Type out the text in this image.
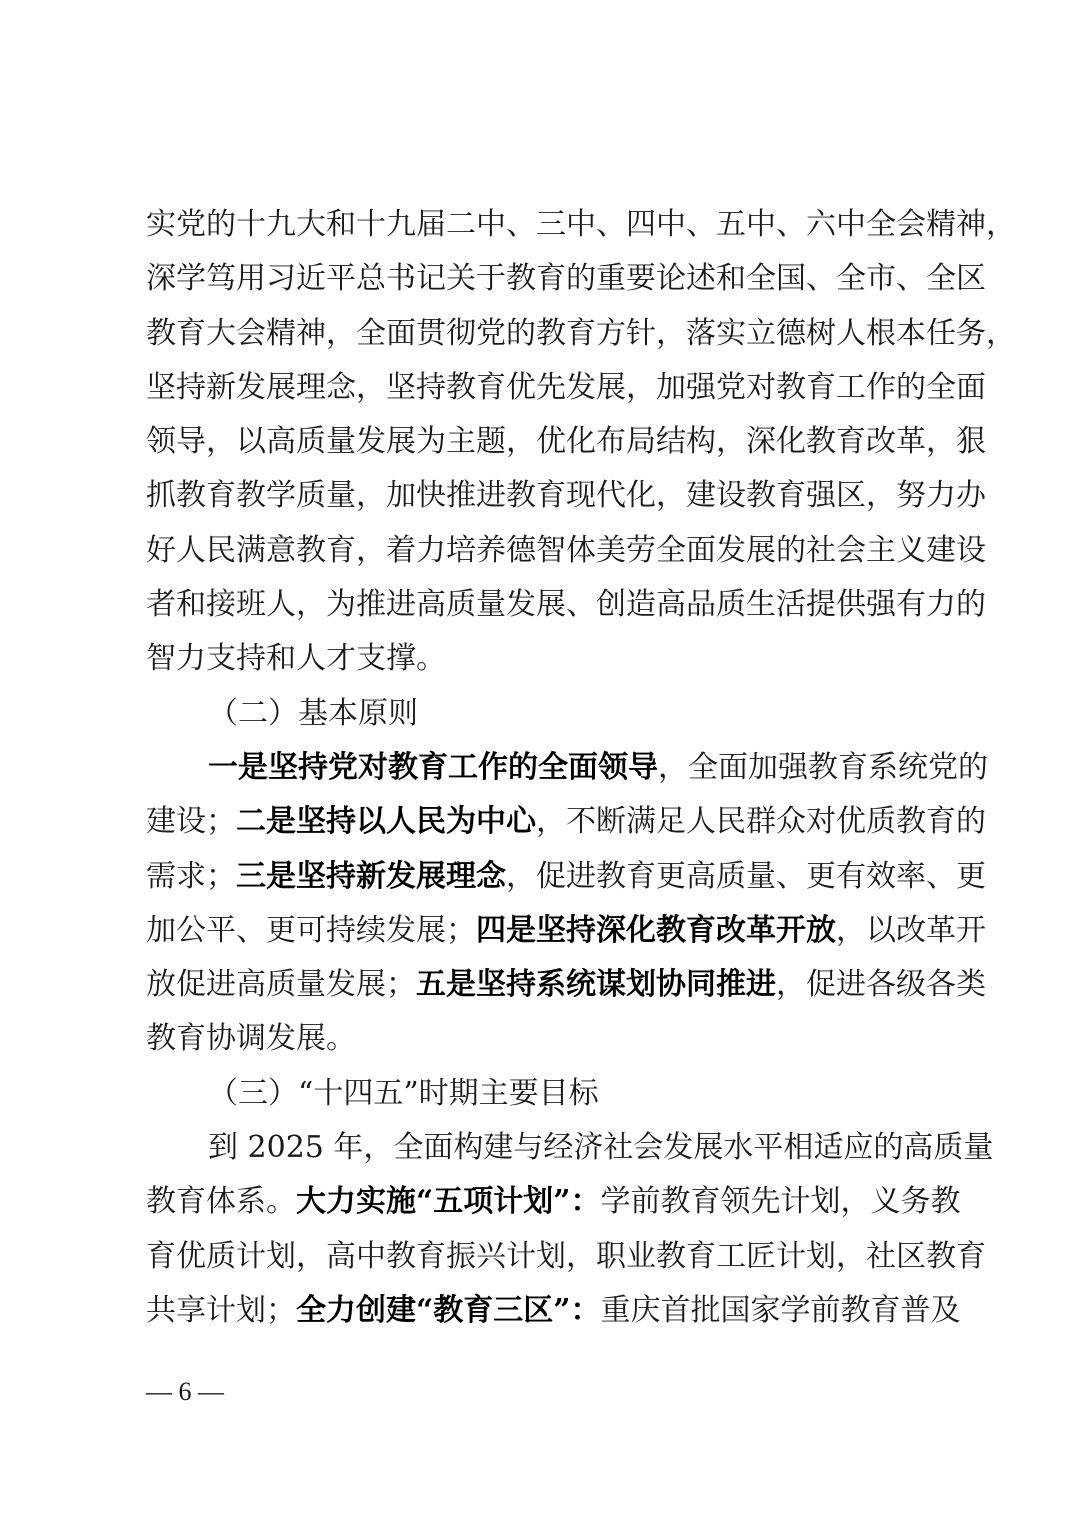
实党的十九大和十九届二中、三中、四中、五中、六中全会精神，
深学笃用习近平总书记关于教育的重要论述和全国、全市、全区
教育大会精神，全面贯彻党的教育方针，落实立德树人根本任务，
坚持新发展理念，坚持教育优先发展，加强党对教育工作的全面
领导，以高质量发展为主题，优化布局结构，深化教育改革，狠
抓教育教学质量，加快推进教育现代化，建设教育强区，努力办
好人民满意教育，着力培养德智体美劳全面发展的社会主义建设
者和接班人，为推进高质量发展、创造高品质生活提供强有力的
智力支持和人才支撑。
（二）基本原则
一是坚持党对教育工作的全面领导，全面加强教育系统党的
建设；二是坚持以人民为中心，不断满足人民群众对优质教育的
需求；三是坚持新发展理念，促进教育更高质量、更有效率、更
加公平、更可持续发展；四是坚持深化教育改革开放，以改革开
放促进高质量发展；五是坚持系统谋划协同推进，促进各级各类
教育协调发展。
（三）“十四五”时期主要目标
到 2025 年，全面构建与经济社会发展水平相适应的高质量
教育体系。大力实施“五项计划”：学前教育领先计划，义务教
育优质计划，高中教育振兴计划，职业教育工匠计划，社区教育
共享计划；全力创建“教育三区”：重庆首批国家学前教育普及
— 6 —
